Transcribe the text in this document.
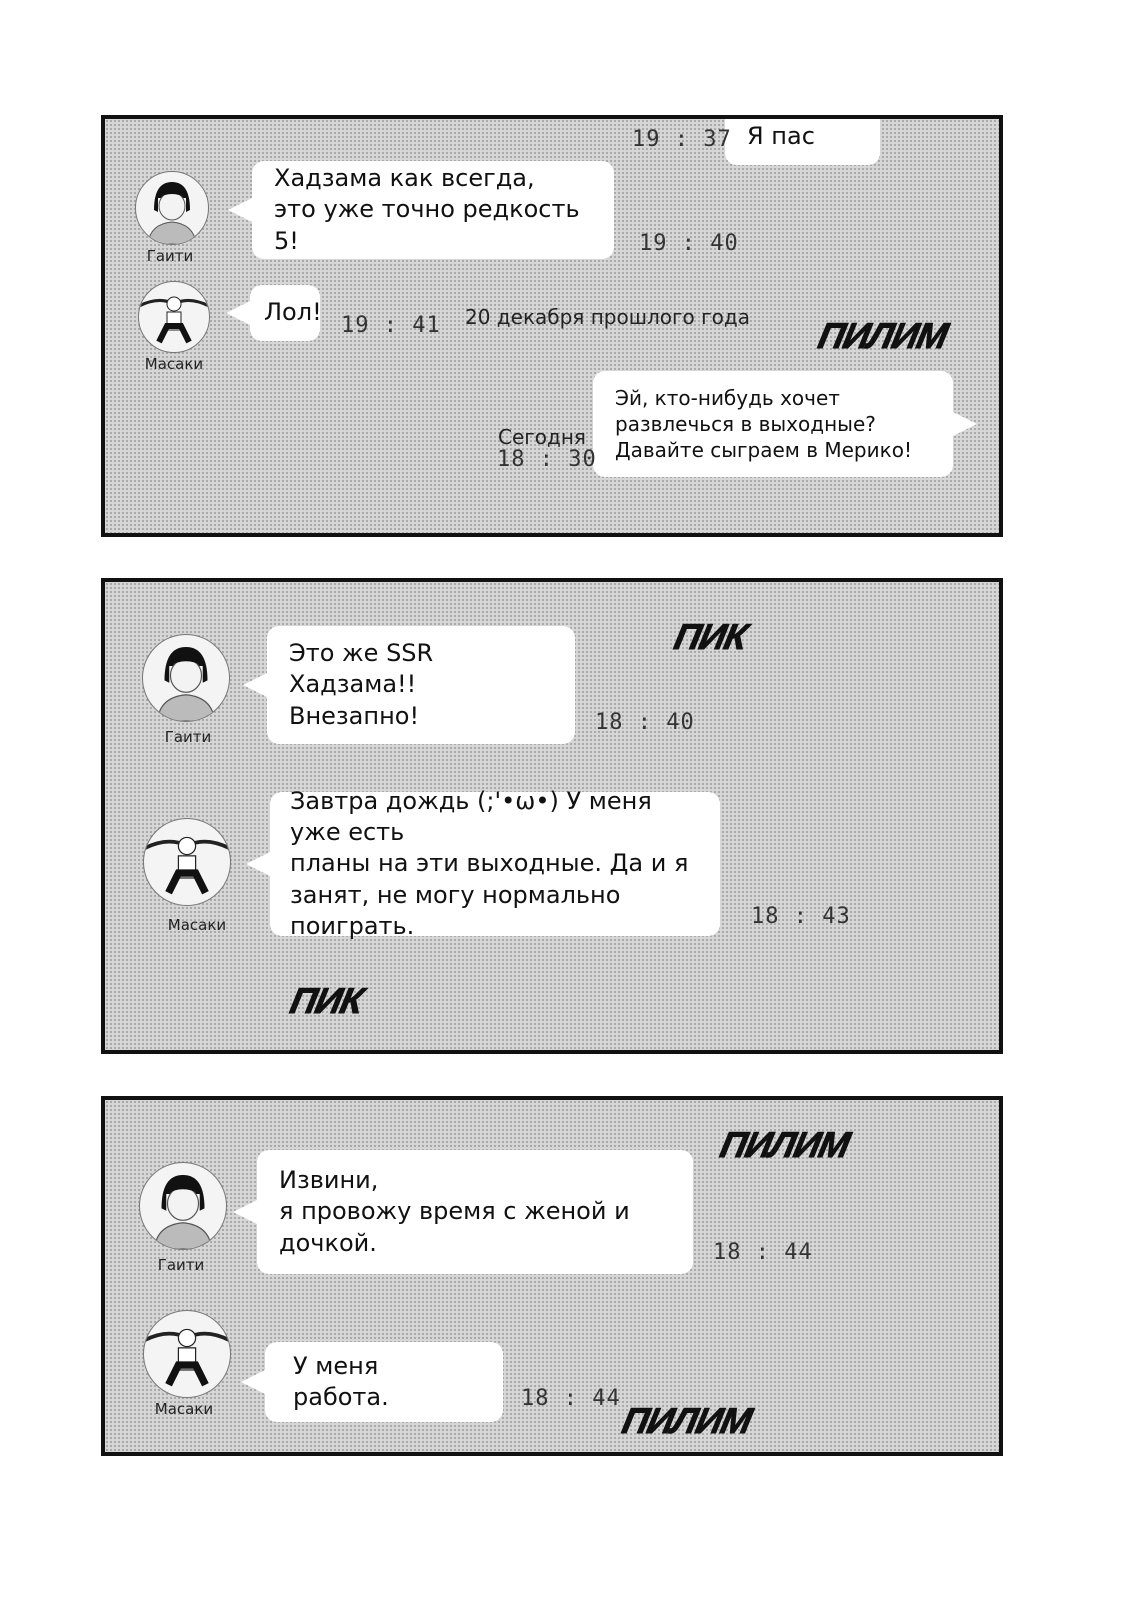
Я пас
19 : 37
Гаити
Хадзама как всегда,
это уже точно редкость 5!	19 : 40
Масаки
Лол! 19 : 41 20 декабря прошлого года ПИЛИМ
Эй, кто-нибудь хочет
развлечься в выходные?
Давайте сыграем в Мерико!
Сегодня
18 : 30
ПИК
Гаити
Это же SSR Хадзама!!
Внезапно!	18 : 40
Масаки
Завтра дождь (;'•ω•) У меня уже есть
планы на эти выходные. Да и я
занят, не могу нормально поиграть.	18 : 43
ПИК
ПИЛИМ
Гаити
Извини,
я провожу время с женой и дочкой.	18 : 44
Масаки
У меня работа.	18 : 44
ПИЛИМ
